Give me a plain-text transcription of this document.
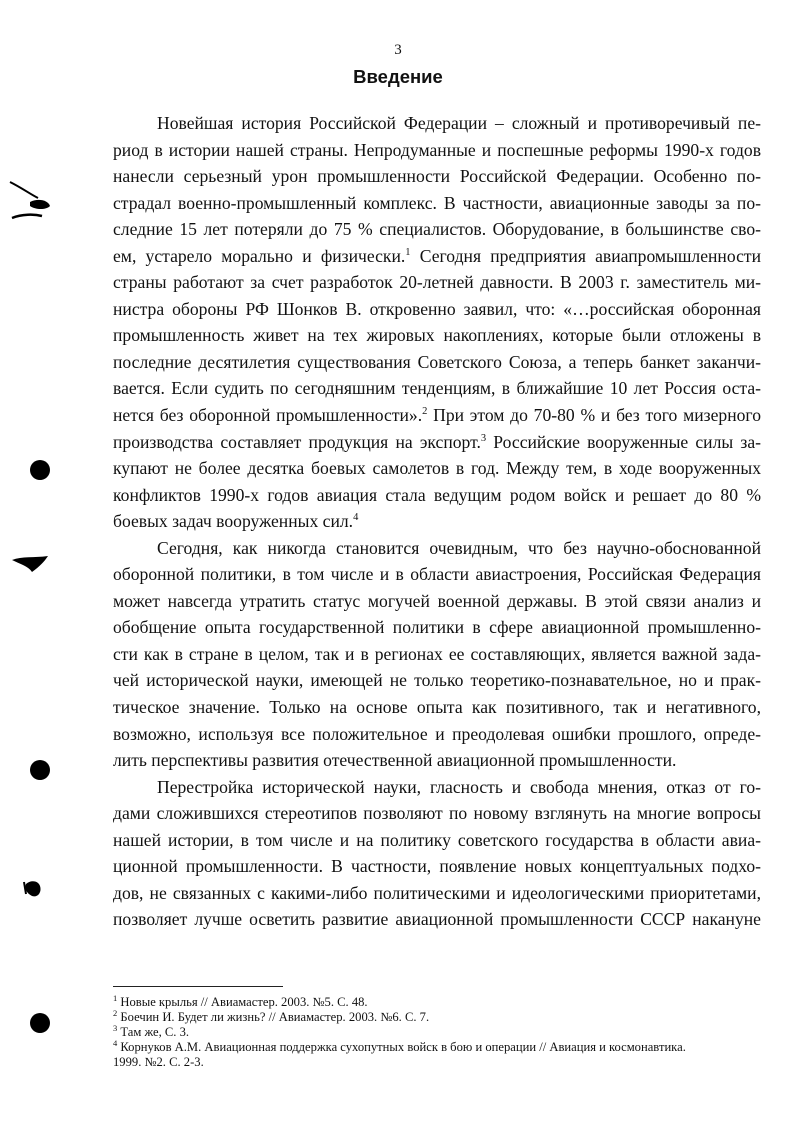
3
Введение
Новейшая история Российской Федерации – сложный и противоречивый пе-
риод в истории нашей страны. Непродуманные и поспешные реформы 1990-х годов
нанесли серьезный урон промышленности Российской Федерации. Особенно по-
страдал военно-промышленный комплекс. В частности, авиационные заводы за по-
следние 15 лет потеряли до 75 % специалистов. Оборудование, в большинстве сво-
ем, устарело морально и физически.$^1$ Сегодня предприятия авиапромышленности
страны работают за счет разработок 20-летней давности. В 2003 г. заместитель ми-
нистра обороны РФ Шонков В. откровенно заявил, что: «…российская оборонная
промышленность живет на тех жировых накоплениях, которые были отложены в
последние десятилетия существования Советского Союза, а теперь банкет заканчи-
вается. Если судить по сегодняшним тенденциям, в ближайшие 10 лет Россия оста-
нется без оборонной промышленности».$^2$ При этом до 70-80 % и без того мизерного
производства составляет продукция на экспорт.$^3$ Российские вооруженные силы за-
купают не более десятка боевых самолетов в год. Между тем, в ходе вооруженных
конфликтов 1990-х годов авиация стала ведущим родом войск и решает до 80 %
боевых задач вооруженных сил.$^4$
Сегодня, как никогда становится очевидным, что без научно-обоснованной
оборонной политики, в том числе и в области авиастроения, Российская Федерация
может навсегда утратить статус могучей военной державы. В этой связи анализ и
обобщение опыта государственной политики в сфере авиационной промышленно-
сти как в стране в целом, так и в регионах ее составляющих, является важной зада-
чей исторической науки, имеющей не только теоретико-познавательное, но и прак-
тическое значение. Только на основе опыта как позитивного, так и негативного,
возможно, используя все положительное и преодолевая ошибки прошлого, опреде-
лить перспективы развития отечественной авиационной промышленности.
Перестройка исторической науки, гласность и свобода мнения, отказ от го-
дами сложившихся стереотипов позволяют по новому взглянуть на многие вопросы
нашей истории, в том числе и на политику советского государства в области авиа-
ционной промышленности. В частности, появление новых концептуальных подхо-
дов, не связанных с какими-либо политическими и идеологическими приоритетами,
позволяет лучше осветить развитие авиационной промышленности СССР накануне
$^1$ Новые крылья // Авиамастер. 2003. №5. С. 48.
$^2$ Боечин И. Будет ли жизнь? // Авиамастер. 2003. №6. С. 7.
$^3$ Там же, С. 3.
$^4$ Корнуков А.М. Авиационная поддержка сухопутных войск в бою и операции // Авиация и космонавтика.
1999. №2. С. 2-3.
